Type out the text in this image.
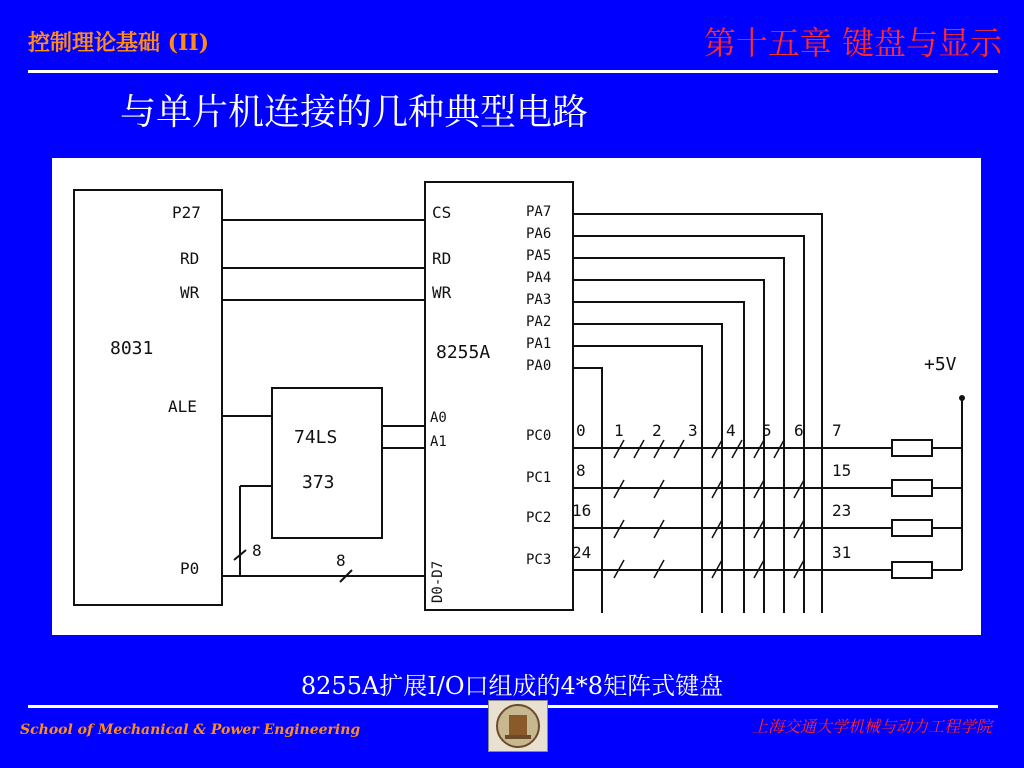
控制理论基础 (II)	第十五章 键盘与显示
与单片机连接的几种典型电路
8031
P27
RD
WR
ALE
P0
74LS
373
CS
RD
WR
A0
A1
8255A
D0-D7
PA7
PA6
PA5
PA4
PA3
PA2
PA1
PA0
PC0
PC1
PC2
PC3
8
8
0 1 2 3 4 5 6 7
8
16
24
15
23
31
+5V
8255A扩展I/O口组成的4*8矩阵式键盘
School of Mechanical & Power Engineering	上海交通大学机械与动力工程学院
